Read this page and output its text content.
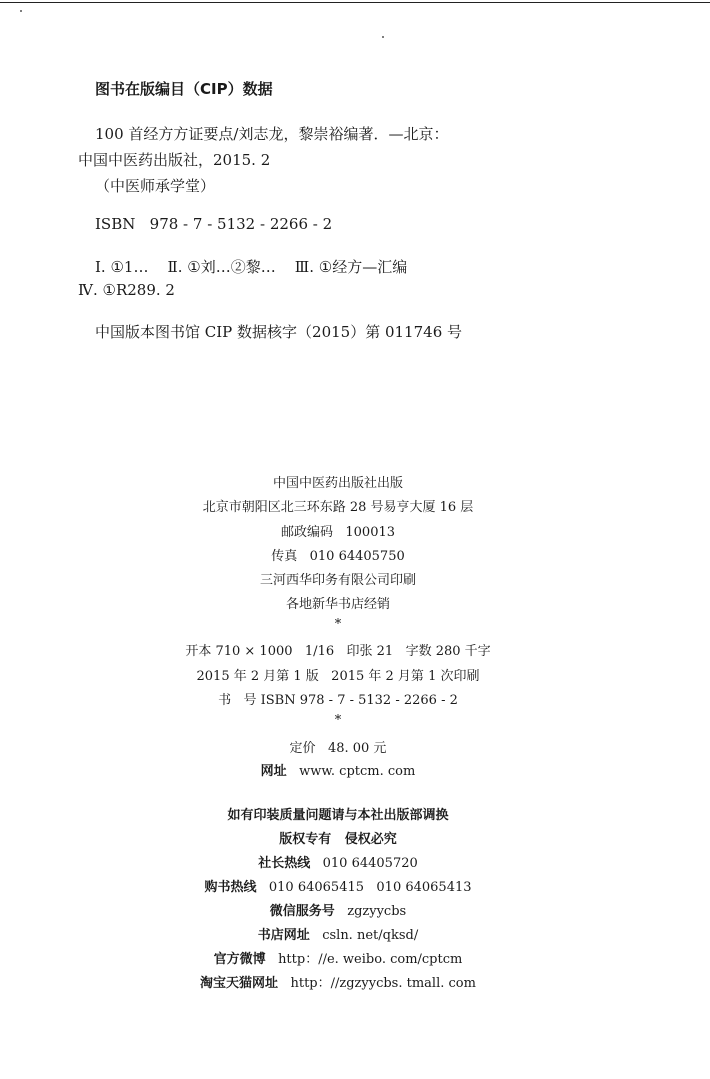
图书在版编目（CIP）数据
100 首经方方证要点/刘志龙，黎崇裕编著．—北京：
中国中医药出版社，2015. 2
（中医师承学堂）
ISBN   978 - 7 - 5132 - 2266 - 2
Ⅰ. ①1…    Ⅱ. ①刘…②黎…    Ⅲ. ①经方—汇编
Ⅳ. ①R289. 2
中国版本图书馆 CIP 数据核字（2015）第 011746 号
中国中医药出版社出版
北京市朝阳区北三环东路 28 号易亨大厦 16 层
邮政编码   100013
传真   010 64405750
三河西华印务有限公司印刷
各地新华书店经销
*
开本 710 × 1000   1/16   印张 21   字数 280 千字
2015 年 2 月第 1 版   2015 年 2 月第 1 次印刷
书   号 ISBN 978 - 7 - 5132 - 2266 - 2
*
定价   48. 00 元
网址 www. cptcm. com
如有印装质量问题请与本社出版部调换
版权专有   侵权必究
社长热线 010 64405720
购书热线 010 64065415   010 64065413
微信服务号 zgzyycbs
书店网址 csln. net/qksd/
官方微博 http：//e. weibo. com/cptcm
淘宝天猫网址 http：//zgzyycbs. tmall. com
